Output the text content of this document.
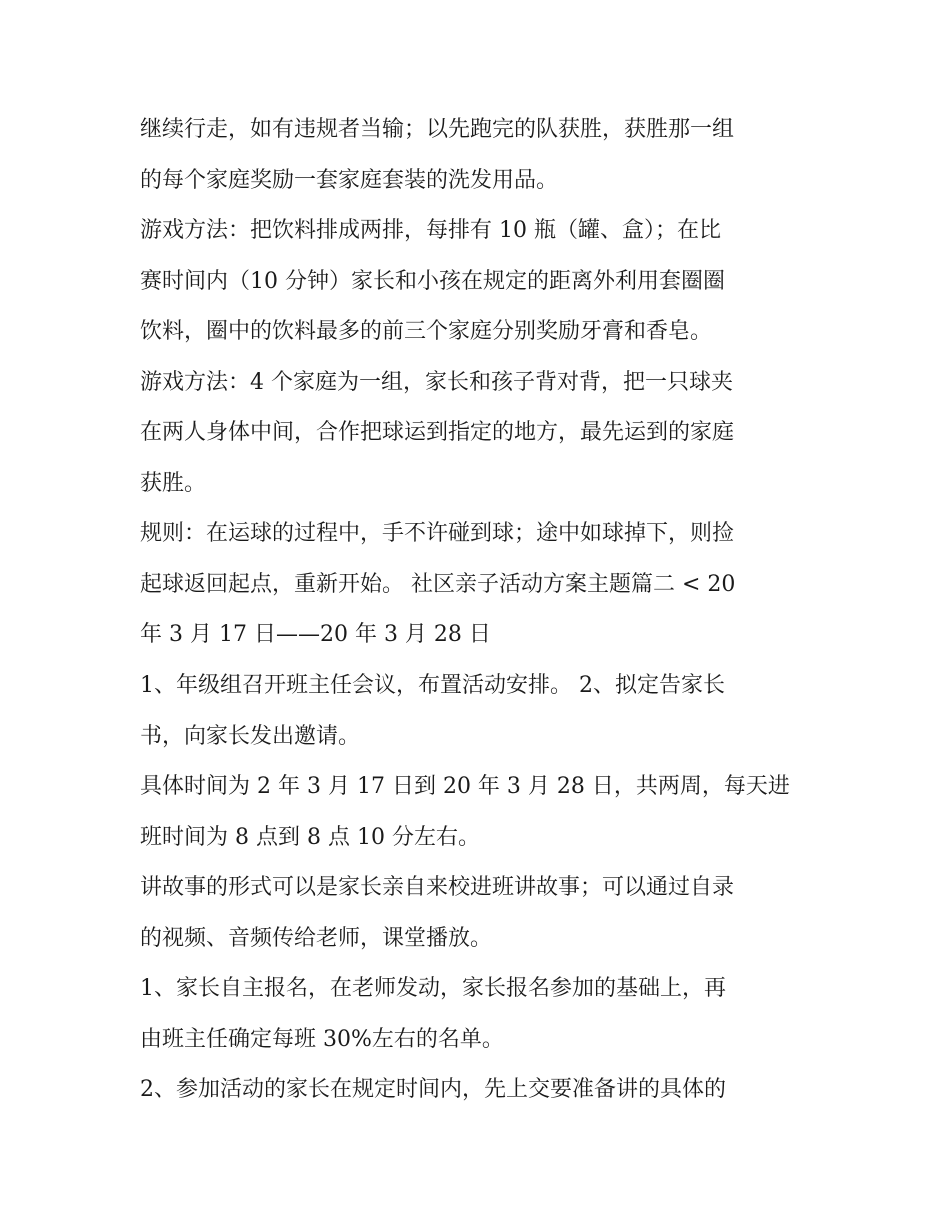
继续行走，如有违规者当输；以先跑完的队获胜，获胜那一组
的每个家庭奖励一套家庭套装的洗发用品。
游戏方法：把饮料排成两排，每排有 10 瓶（罐、盒）；在比
赛时间内（10 分钟）家长和小孩在规定的距离外利用套圈圈
饮料，圈中的饮料最多的前三个家庭分别奖励牙膏和香皂。
游戏方法：4 个家庭为一组，家长和孩子背对背，把一只球夹
在两人身体中间，合作把球运到指定的地方，最先运到的家庭
获胜。
规则：在运球的过程中，手不许碰到球；途中如球掉下，则捡
起球返回起点，重新开始。 社区亲子活动方案主题篇二 < 20
年 3 月 17 日——20 年 3 月 28 日
1、年级组召开班主任会议，布置活动安排。 2、拟定告家长
书，向家长发出邀请。
具体时间为 2 年 3 月 17 日到 20 年 3 月 28 日，共两周，每天进
班时间为 8 点到 8 点 10 分左右。
讲故事的形式可以是家长亲自来校进班讲故事；可以通过自录
的视频、音频传给老师，课堂播放。
1、家长自主报名，在老师发动，家长报名参加的基础上，再
由班主任确定每班 30%左右的名单。
2、参加活动的家长在规定时间内，先上交要准备讲的具体的
